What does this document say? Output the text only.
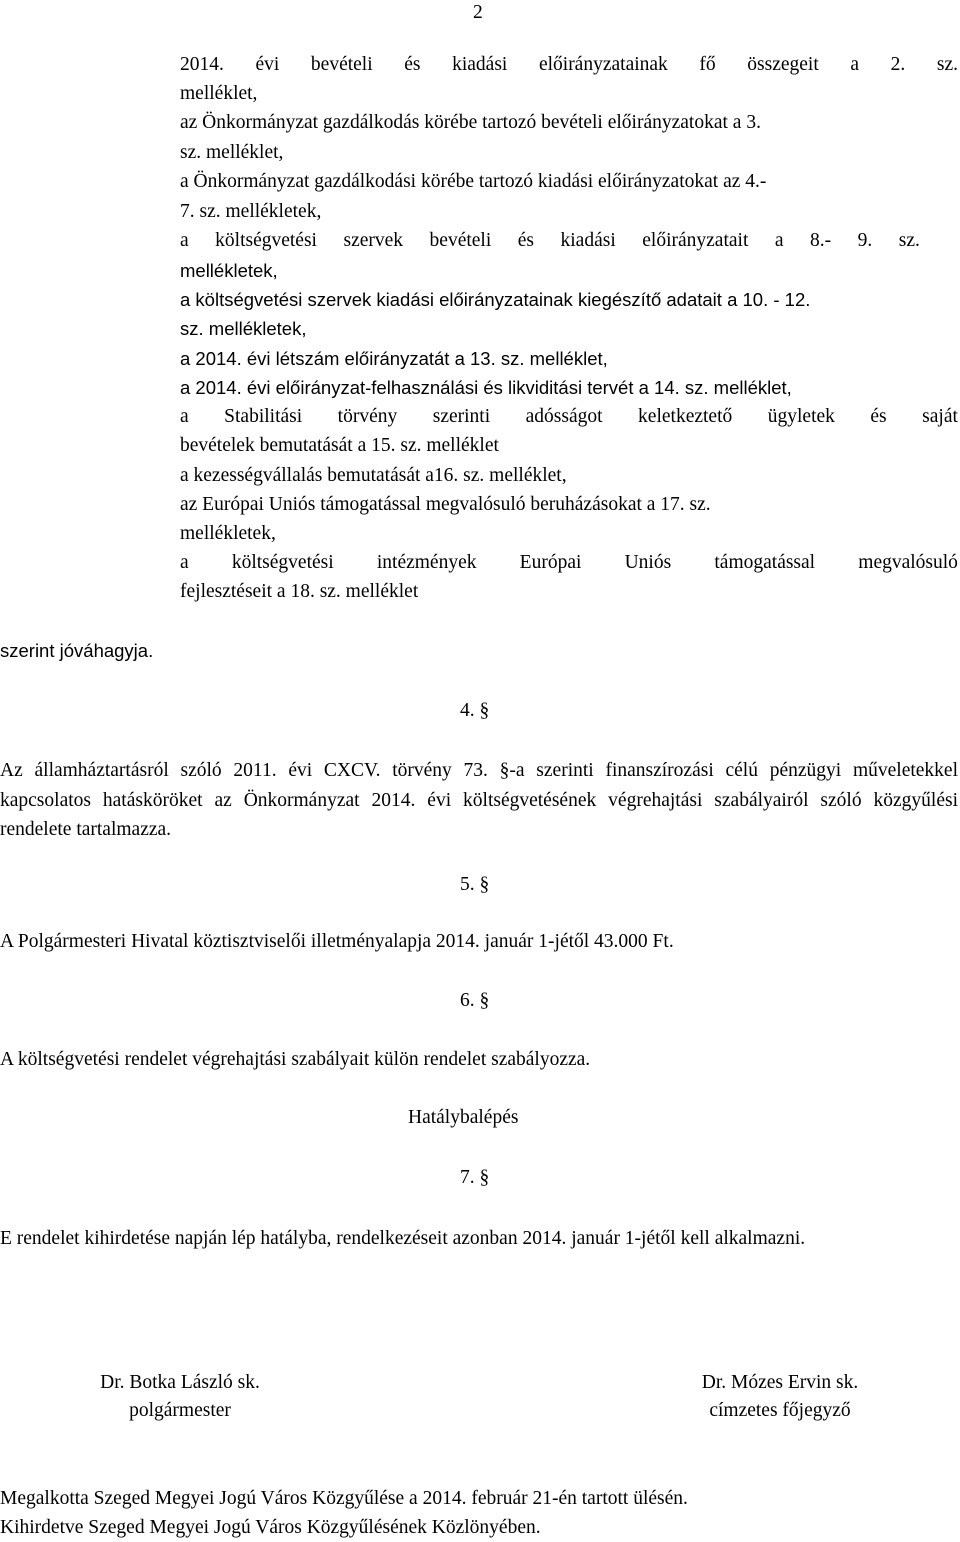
2
2014. évi bevételi és kiadási előirányzatainak fő összegeit a 2. sz.
melléklet,
az Önkormányzat gazdálkodás körébe tartozó bevételi előirányzatokat a 3.
sz. melléklet,
a Önkormányzat gazdálkodási körébe tartozó kiadási előirányzatokat az 4.-
7. sz. mellékletek,
a költségvetési szervek bevételi és kiadási előirányzatait a 8.- 9. sz.
mellékletek,
a költségvetési szervek kiadási előirányzatainak kiegészítő adatait a 10. - 12.
sz. mellékletek,
a 2014. évi létszám előirányzatát a 13. sz. melléklet,
a 2014. évi előirányzat-felhasználási és likviditási tervét a 14. sz. melléklet,
a Stabilitási törvény szerinti adósságot keletkeztető ügyletek és saját
bevételek bemutatását a 15. sz. melléklet
a kezességvállalás bemutatását a16. sz. melléklet,
az Európai Uniós támogatással megvalósuló beruházásokat a 17. sz.
mellékletek,
a költségvetési intézmények Európai Uniós támogatással megvalósuló
fejlesztéseit a 18. sz. melléklet
szerint jóváhagyja.
4. §
Az államháztartásról szóló 2011. évi CXCV. törvény 73. §-a szerinti finanszírozási célú pénzügyi műveletekkel kapcsolatos hatásköröket az Önkormányzat 2014. évi költségvetésének végrehajtási szabályairól szóló közgyűlési rendelete tartalmazza.
5. §
A Polgármesteri Hivatal köztisztviselői illetményalapja 2014. január 1-jétől 43.000 Ft.
6. §
A költségvetési rendelet végrehajtási szabályait külön rendelet szabályozza.
Hatálybalépés
7. §
E rendelet kihirdetése napján lép hatályba, rendelkezéseit azonban 2014. január 1-jétől kell alkalmazni.
Dr. Botka László sk.
polgármester
Dr. Mózes Ervin sk.
címzetes főjegyző
Megalkotta Szeged Megyei Jogú Város Közgyűlése a 2014. február 21-én tartott ülésén.
Kihirdetve Szeged Megyei Jogú Város Közgyűlésének Közlönyében.
